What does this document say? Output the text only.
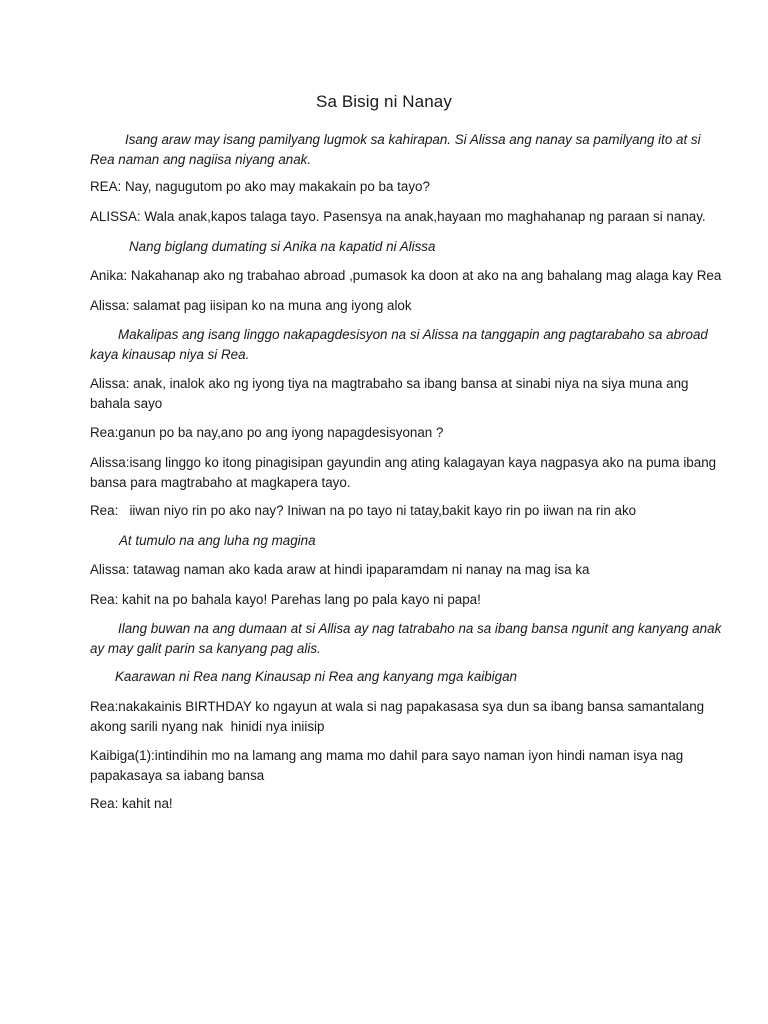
Sa Bisig ni Nanay
Isang araw may isang pamilyang lugmok sa kahirapan. Si Alissa ang nanay sa pamilyang ito at si
Rea naman ang nagiisa niyang anak.
REA: Nay, nagugutom po ako may makakain po ba tayo?
ALISSA: Wala anak,kapos talaga tayo. Pasensya na anak,hayaan mo maghahanap ng paraan si nanay.
Nang biglang dumating si Anika na kapatid ni Alissa
Anika: Nakahanap ako ng trabahao abroad ,pumasok ka doon at ako na ang bahalang mag alaga kay Rea
Alissa: salamat pag iisipan ko na muna ang iyong alok
Makalipas ang isang linggo nakapagdesisyon na si Alissa na tanggapin ang pagtarabaho sa abroad
kaya kinausap niya si Rea.
Alissa: anak, inalok ako ng iyong tiya na magtrabaho sa ibang bansa at sinabi niya na siya muna ang
bahala sayo
Rea:ganun po ba nay,ano po ang iyong napagdesisyonan ?
Alissa:isang linggo ko itong pinagisipan gayundin ang ating kalagayan kaya nagpasya ako na puma ibang
bansa para magtrabaho at magkapera tayo.
Rea:   iiwan niyo rin po ako nay? Iniwan na po tayo ni tatay,bakit kayo rin po iiwan na rin ako
At tumulo na ang luha ng magina
Alissa: tatawag naman ako kada araw at hindi ipaparamdam ni nanay na mag isa ka
Rea: kahit na po bahala kayo! Parehas lang po pala kayo ni papa!
Ilang buwan na ang dumaan at si Allisa ay nag tatrabaho na sa ibang bansa ngunit ang kanyang anak
ay may galit parin sa kanyang pag alis.
Kaarawan ni Rea nang Kinausap ni Rea ang kanyang mga kaibigan
Rea:nakakainis BIRTHDAY ko ngayun at wala si nag papakasasa sya dun sa ibang bansa samantalang
akong sarili nyang nak  hinidi nya iniisip
Kaibiga(1):intindihin mo na lamang ang mama mo dahil para sayo naman iyon hindi naman isya nag
papakasaya sa iabang bansa
Rea: kahit na!
